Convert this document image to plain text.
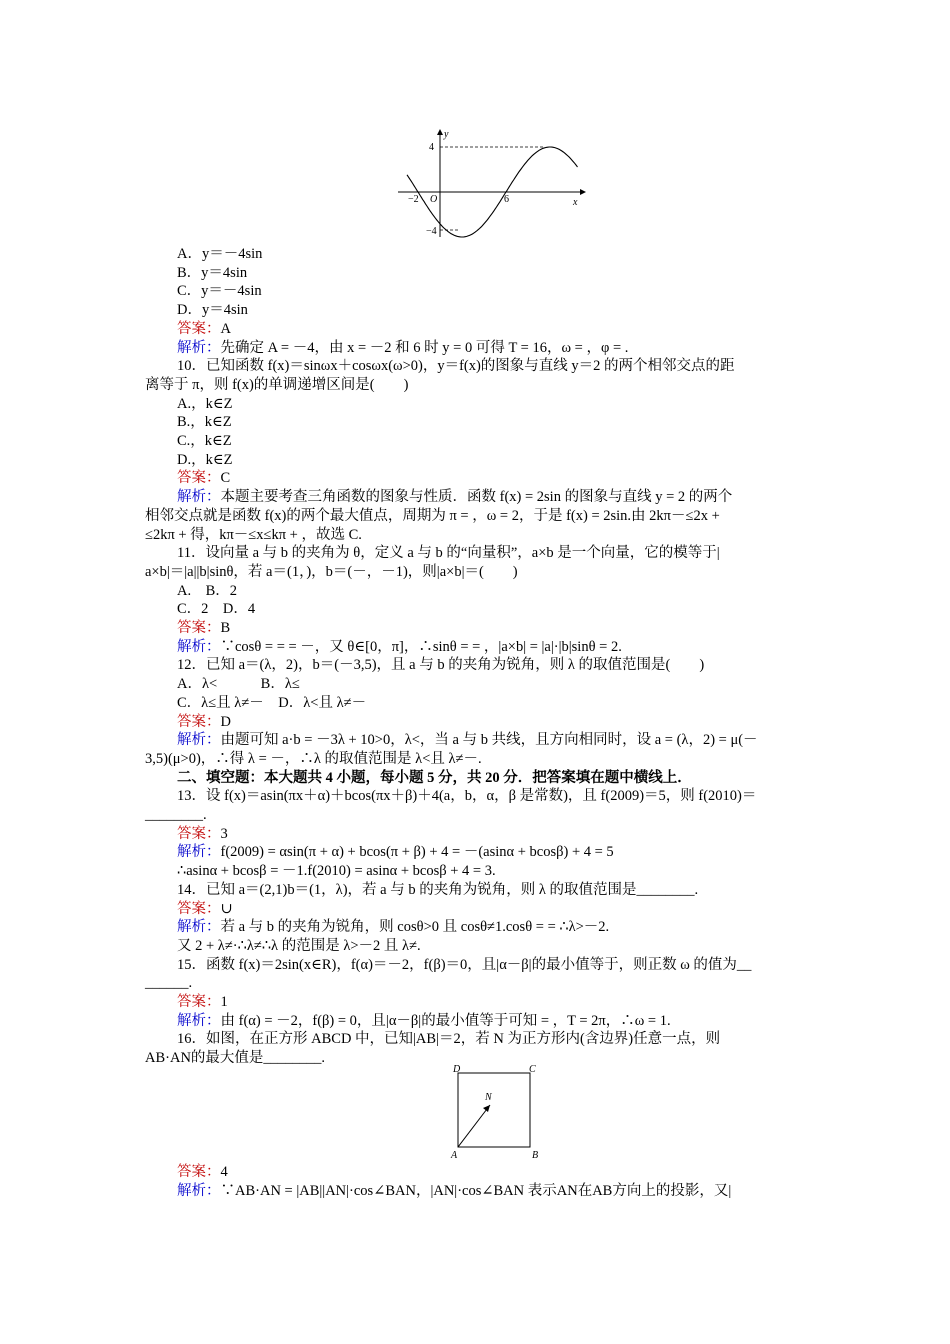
y
x
4
−4
−2	6
O
A．y＝－4sin
B．y＝4sin
C．y＝－4sin
D．y＝4sin
答案：A
解析：先确定 A = －4，由 x = －2 和 6 时 y = 0 可得 T = 16，ω = ，φ = .
10．已知函数 f(x)＝sinωx＋cosωx(ω>0)，y＝f(x)的图象与直线 y＝2 的两个相邻交点的距
离等于 π，则 f(x)的单调递增区间是(　　)
A.，k∈Z
B.，k∈Z
C.，k∈Z
D.，k∈Z
答案：C
解析：本题主要考查三角函数的图象与性质．函数 f(x) = 2sin 的图象与直线 y = 2 的两个
相邻交点就是函数 f(x)的两个最大值点，周期为 π = ，ω = 2，于是 f(x) = 2sin.由 2kπ－≤2x +
≤2kπ + 得，kπ－≤x≤kπ + ，故选 C.
11．设向量 a 与 b 的夹角为 θ，定义 a 与 b 的“向量积”，a×b 是一个向量，它的模等于|
a×b|＝|a||b|sinθ，若 a＝(1，)，b＝(－，－1)，则|a×b|＝(　　)
A.　B．2
C．2　D．4
答案：B
解析：∵cosθ = = = －，又 θ∈[0，π]，∴sinθ = = ，|a×b| = |a|·|b|sinθ = 2.
12．已知 a＝(λ，2)，b＝(－3,5)，且 a 与 b 的夹角为锐角，则 λ 的取值范围是(　　)
A．λ<　　　B．λ≤
C．λ≤且 λ≠－　D．λ<且 λ≠－
答案：D
解析：由题可知 a·b = －3λ + 10>0，λ<，当 a 与 b 共线，且方向相同时，设 a = (λ，2) = μ(－
3,5)(μ>0)，∴得 λ = －，∴λ 的取值范围是 λ<且 λ≠－.
二、填空题：本大题共 4 小题，每小题 5 分，共 20 分．把答案填在题中横线上．
13．设 f(x)＝asin(πx＋α)＋bcos(πx＋β)＋4(a，b，α，β 是常数)，且 f(2009)＝5，则 f(2010)＝
________.
答案：3
解析：f(2009) = αsin(π + α) + bcos(π + β) + 4 = －(asinα + bcosβ) + 4 = 5
∴asinα + bcosβ = －1.f(2010) = asinα + bcosβ + 4 = 3.
14．已知 a＝(2,1)b＝(1，λ)，若 a 与 b 的夹角为锐角，则 λ 的取值范围是________.
答案：∪
解析：若 a 与 b 的夹角为锐角，则 cosθ>0 且 cosθ≠1.cosθ = = ∴λ>－2.
又 2 + λ≠·∴λ≠∴λ 的范围是 λ>－2 且 λ≠.
15．函数 f(x)＝2sin(x∈R)，f(α)＝－2，f(β)＝0，且|α－β|的最小值等于，则正数 ω 的值为__
______.
答案：1
解析：由 f(α) = －2，f(β) = 0，且|α－β|的最小值等于可知 = ，T = 2π，∴ω = 1.
16．如图，在正方形 ABCD 中，已知|AB|＝2，若 N 为正方形内(含边界)任意一点，则
AB·AN的最大值是________.
A	B
C
D
N
答案：4
解析：∵AB·AN = |AB||AN|·cos∠BAN，|AN|·cos∠BAN 表示AN在AB方向上的投影，又|
